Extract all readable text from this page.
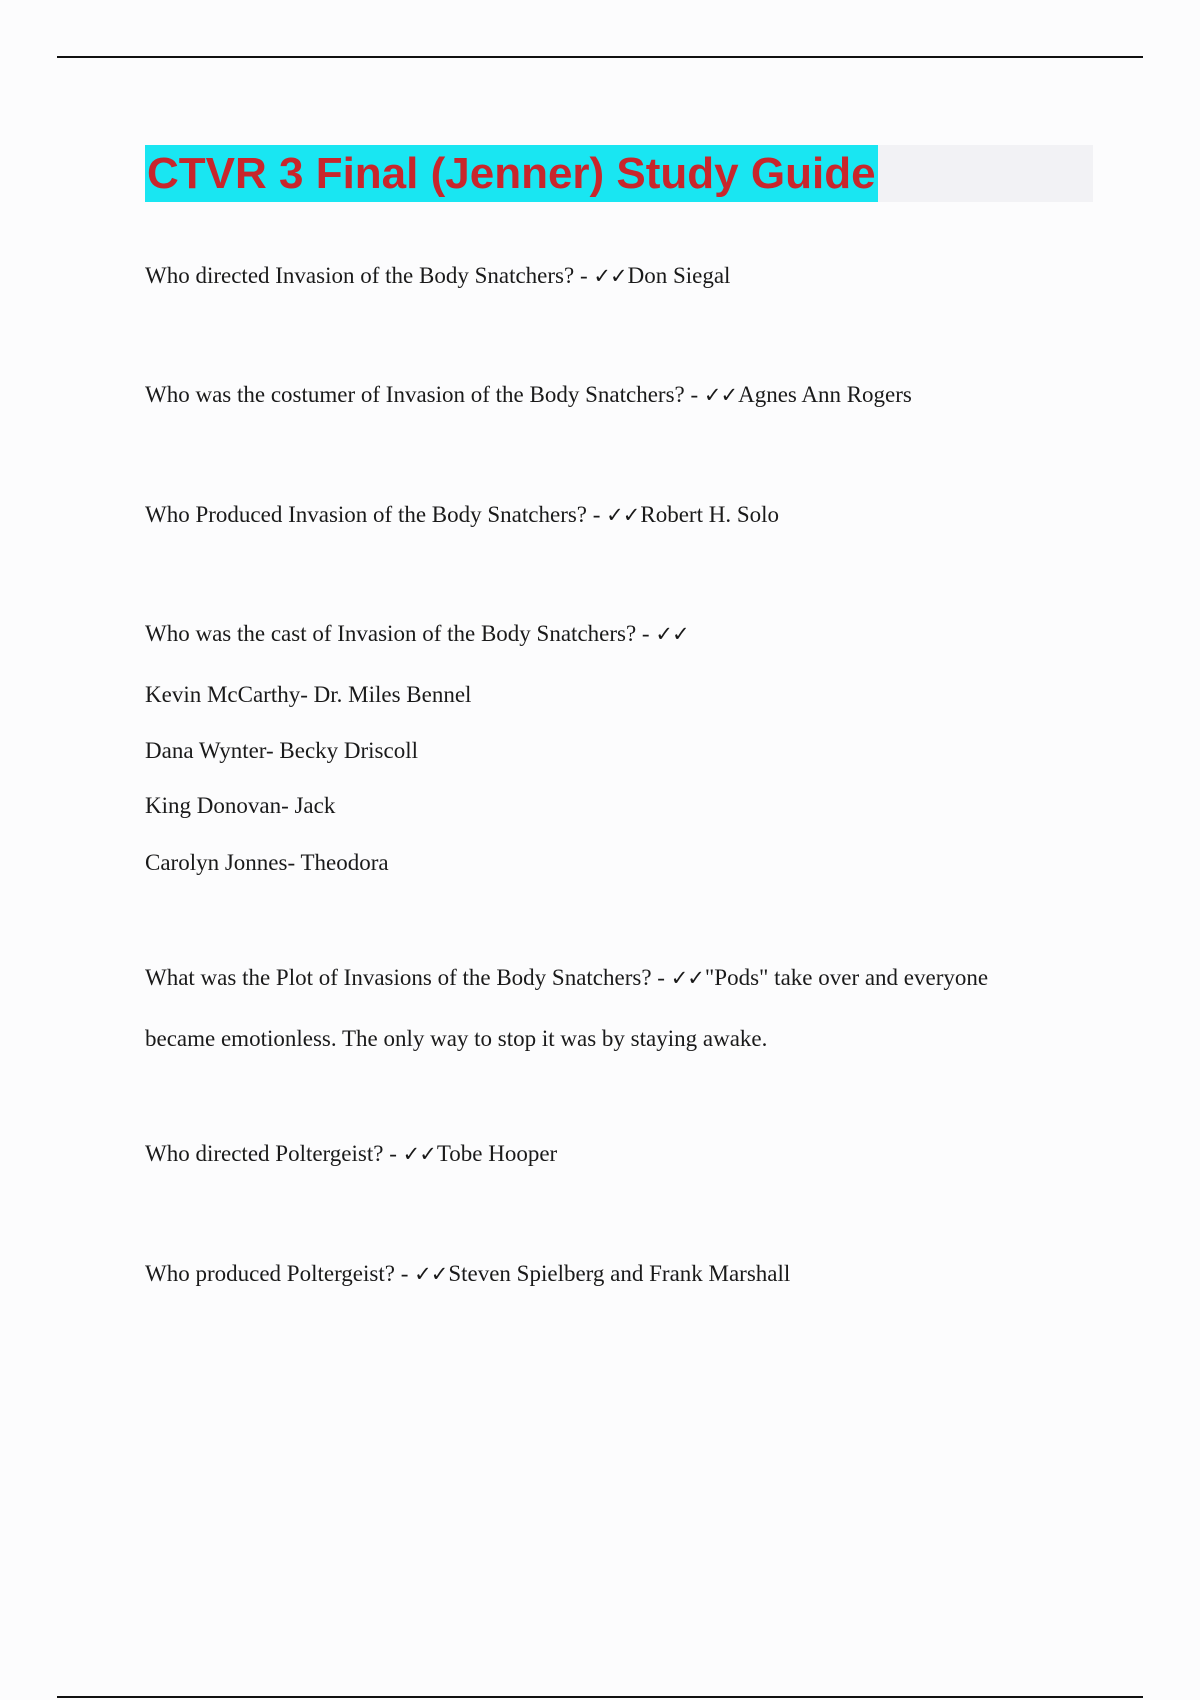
CTVR 3 Final (Jenner) Study Guide
Who directed Invasion of the Body Snatchers? - ✓✓Don Siegal
Who was the costumer of Invasion of the Body Snatchers? - ✓✓Agnes Ann Rogers
Who Produced Invasion of the Body Snatchers? - ✓✓Robert H. Solo
Who was the cast of Invasion of the Body Snatchers? - ✓✓
Kevin McCarthy- Dr. Miles Bennel
Dana Wynter- Becky Driscoll
King Donovan- Jack
Carolyn Jonnes- Theodora
What was the Plot of Invasions of the Body Snatchers? - ✓✓"Pods" take over and everyone
became emotionless. The only way to stop it was by staying awake.
Who directed Poltergeist? - ✓✓Tobe Hooper
Who produced Poltergeist? - ✓✓Steven Spielberg and Frank Marshall
